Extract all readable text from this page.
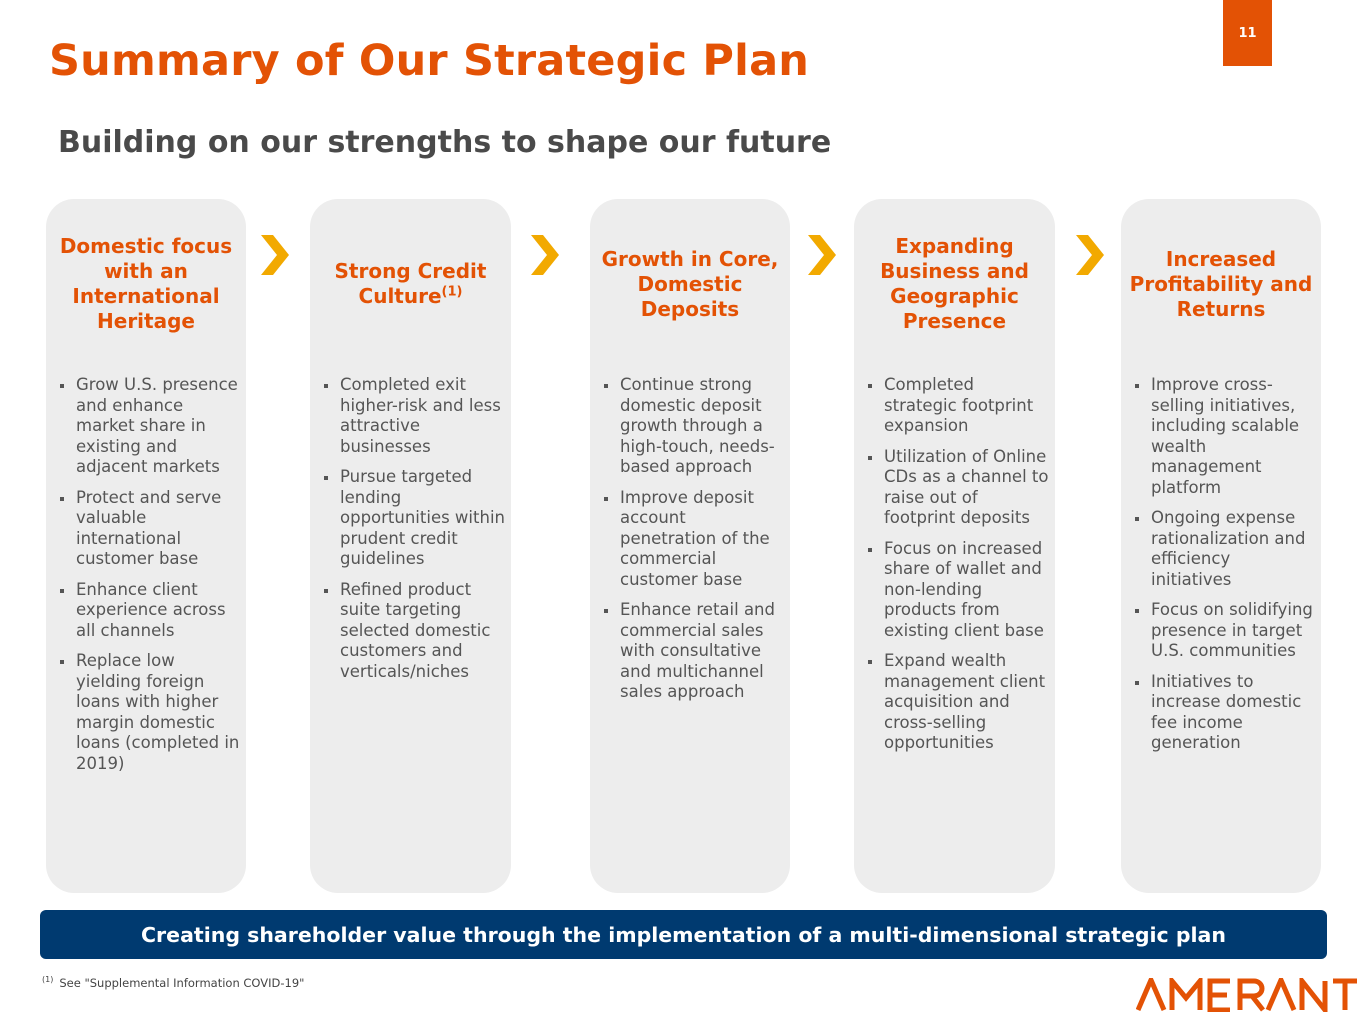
11
Summary of Our Strategic Plan
Building on our strengths to shape our future
Domestic focus with an International Heritage
Grow U.S. presence and enhance market share in existing and adjacent markets
Protect and serve valuable international customer base
Enhance client experience across all channels
Replace low yielding foreign loans with higher margin domestic loans (completed in 2019)
Strong Credit Culture$^{(1)}$
Completed exit higher-risk and less attractive businesses
Pursue targeted lending opportunities within prudent credit guidelines
Refined product suite targeting selected domestic customers and verticals/niches
Growth in Core, Domestic Deposits
Continue strong domestic deposit growth through a high-touch, needs-based approach
Improve deposit account penetration of the commercial customer base
Enhance retail and commercial sales with consultative and multichannel sales approach
Expanding Business and Geographic Presence
Completed strategic footprint expansion
Utilization of Online CDs as a channel to raise out of footprint deposits
Focus on increased share of wallet and non-lending products from existing client base
Expand wealth management client acquisition and cross-selling opportunities
Increased Profitability and Returns
Improve cross-selling initiatives, including scalable wealth management platform
Ongoing expense rationalization and efficiency initiatives
Focus on solidifying presence in target U.S. communities
Initiatives to increase domestic fee income generation
Creating shareholder value through the implementation of a multi-dimensional strategic plan
$^{(1)}$ See "Supplemental Information COVID-19"
